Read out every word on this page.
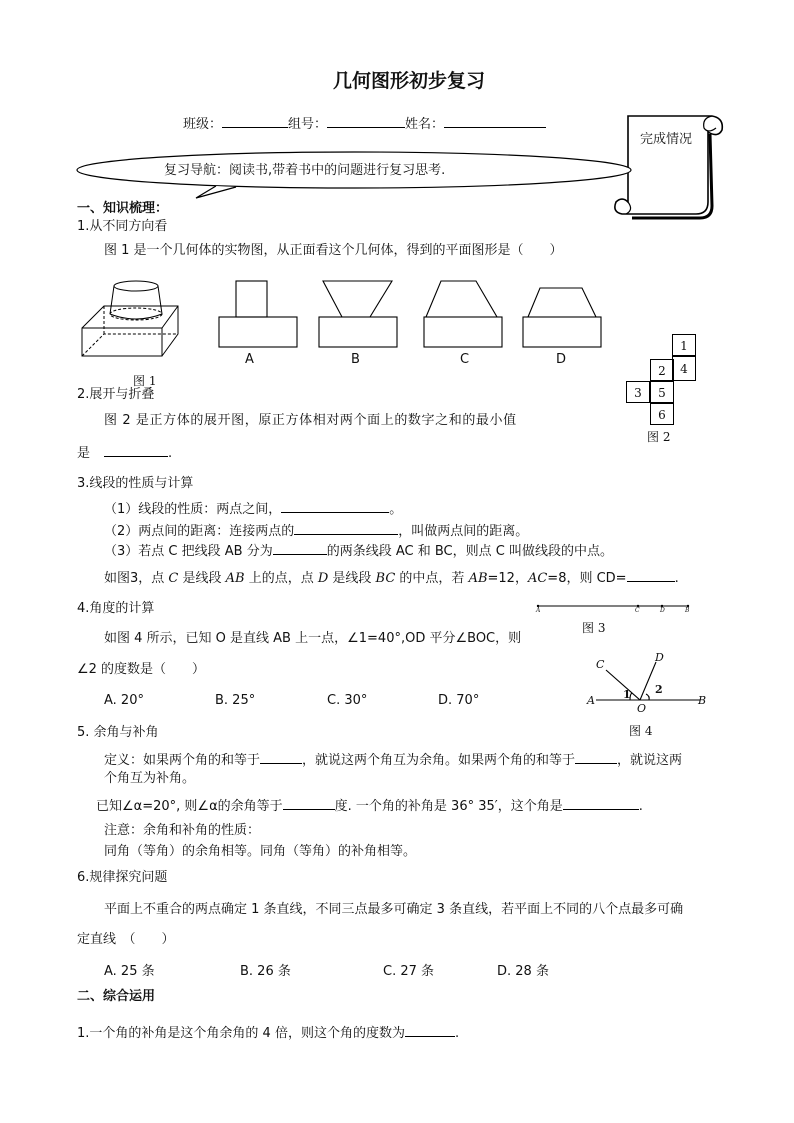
几何图形初步复习
班级：	组号：	姓名：
完成情况
复习导航：阅读书,带着书中的问题进行复习思考.
一、知识梳理：
1.从不同方向看
图 1 是一个几何体的实物图，从正面看这个几何体，得到的平面图形是（　　）
图 1
A	B	C	D
1
2	4
3	5
6
图 2
2.展开与折叠
图 2 是正方体的展开图，原正方体相对两个面上的数字之和的最小值
是	.
3.线段的性质与计算
（1）线段的性质：两点之间，	。
（2）两点间的距离：连接两点的	，叫做两点间的距离。
（3）若点 C 把线段 AB 分为	的两条线段 AC 和 BC，则点 C 叫做线段的中点。
如图3，点 C 是线段 AB 上的点，点 D 是线段 BC 的中点，若 AB=12，AC=8，则 CD=	.
A	C	D	B
图 3
4.角度的计算
如图 4 所示，已知 O 是直线 AB 上一点，∠1=40°,OD 平分∠BOC，则
∠2 的度数是（　　）
A. 20°	B. 25°	C. 30°	D. 70°
C
D
A
O
B
1 2
图 4
5. 余角与补角
定义：如果两个角的和等于	，就说这两个角互为余角。如果两个角的和等于	，就说这两
个角互为补角。
已知∠α=20°, 则∠α的余角等于	度. 一个角的补角是 36° 35′，这个角是	.
注意：余角和补角的性质：
同角（等角）的余角相等。同角（等角）的补角相等。
6.规律探究问题
平面上不重合的两点确定 1 条直线，不同三点最多可确定 3 条直线，若平面上不同的八个点最多可确
定直线　（　　）
A. 25 条	B. 26 条	C. 27 条	D. 28 条
二、综合运用
1.一个角的补角是这个角余角的 4 倍，则这个角的度数为	.
